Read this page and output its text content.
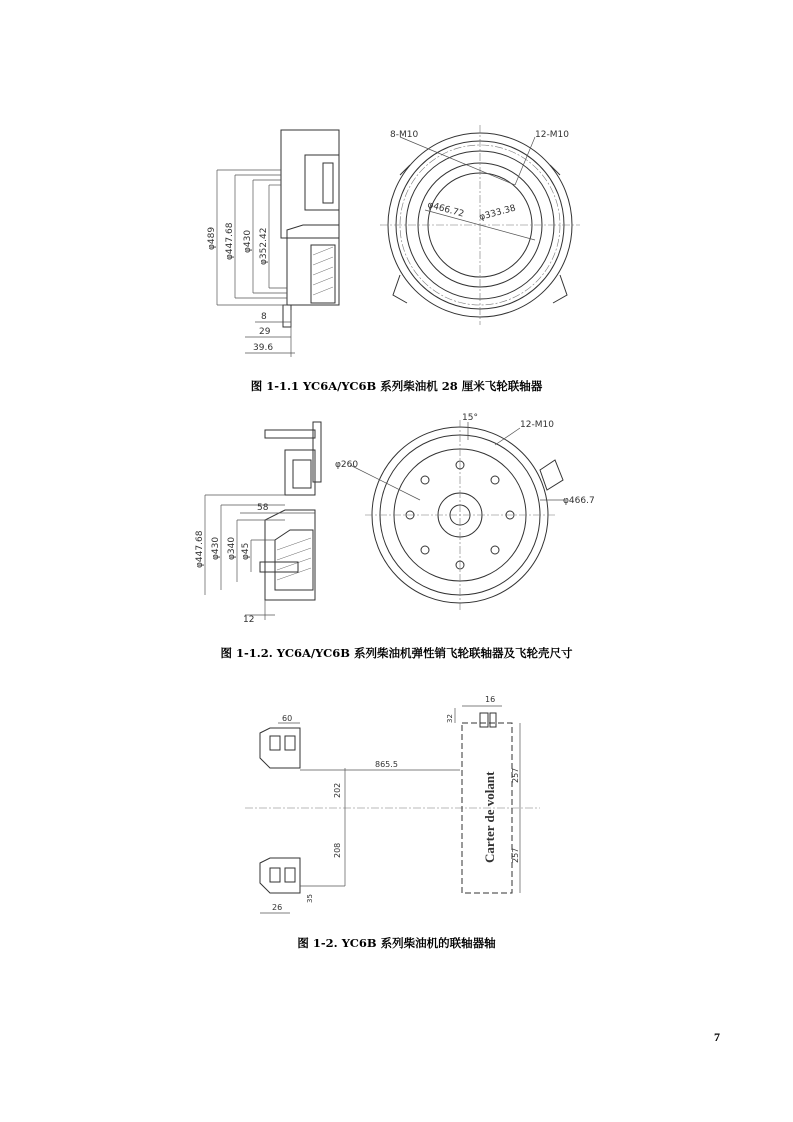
φ489 φ447.68 φ430 φ352.42
8
29
39.6
8-M10	12-M10
φ466.72 φ333.38
图 1-1.1 YC6A/YC6B 系列柴油机 28 厘米飞轮联轴器
58
φ447.68 φ430 φ340 φ45
12
15°
12-M10
φ260
φ466.7
图 1-1.2. YC6A/YC6B 系列柴油机弹性销飞轮联轴器及飞轮壳尺寸
60
26
16
865.5
202
208
32
35
257
257
Carter de volant
图 1-2. YC6B 系列柴油机的联轴器轴
7
